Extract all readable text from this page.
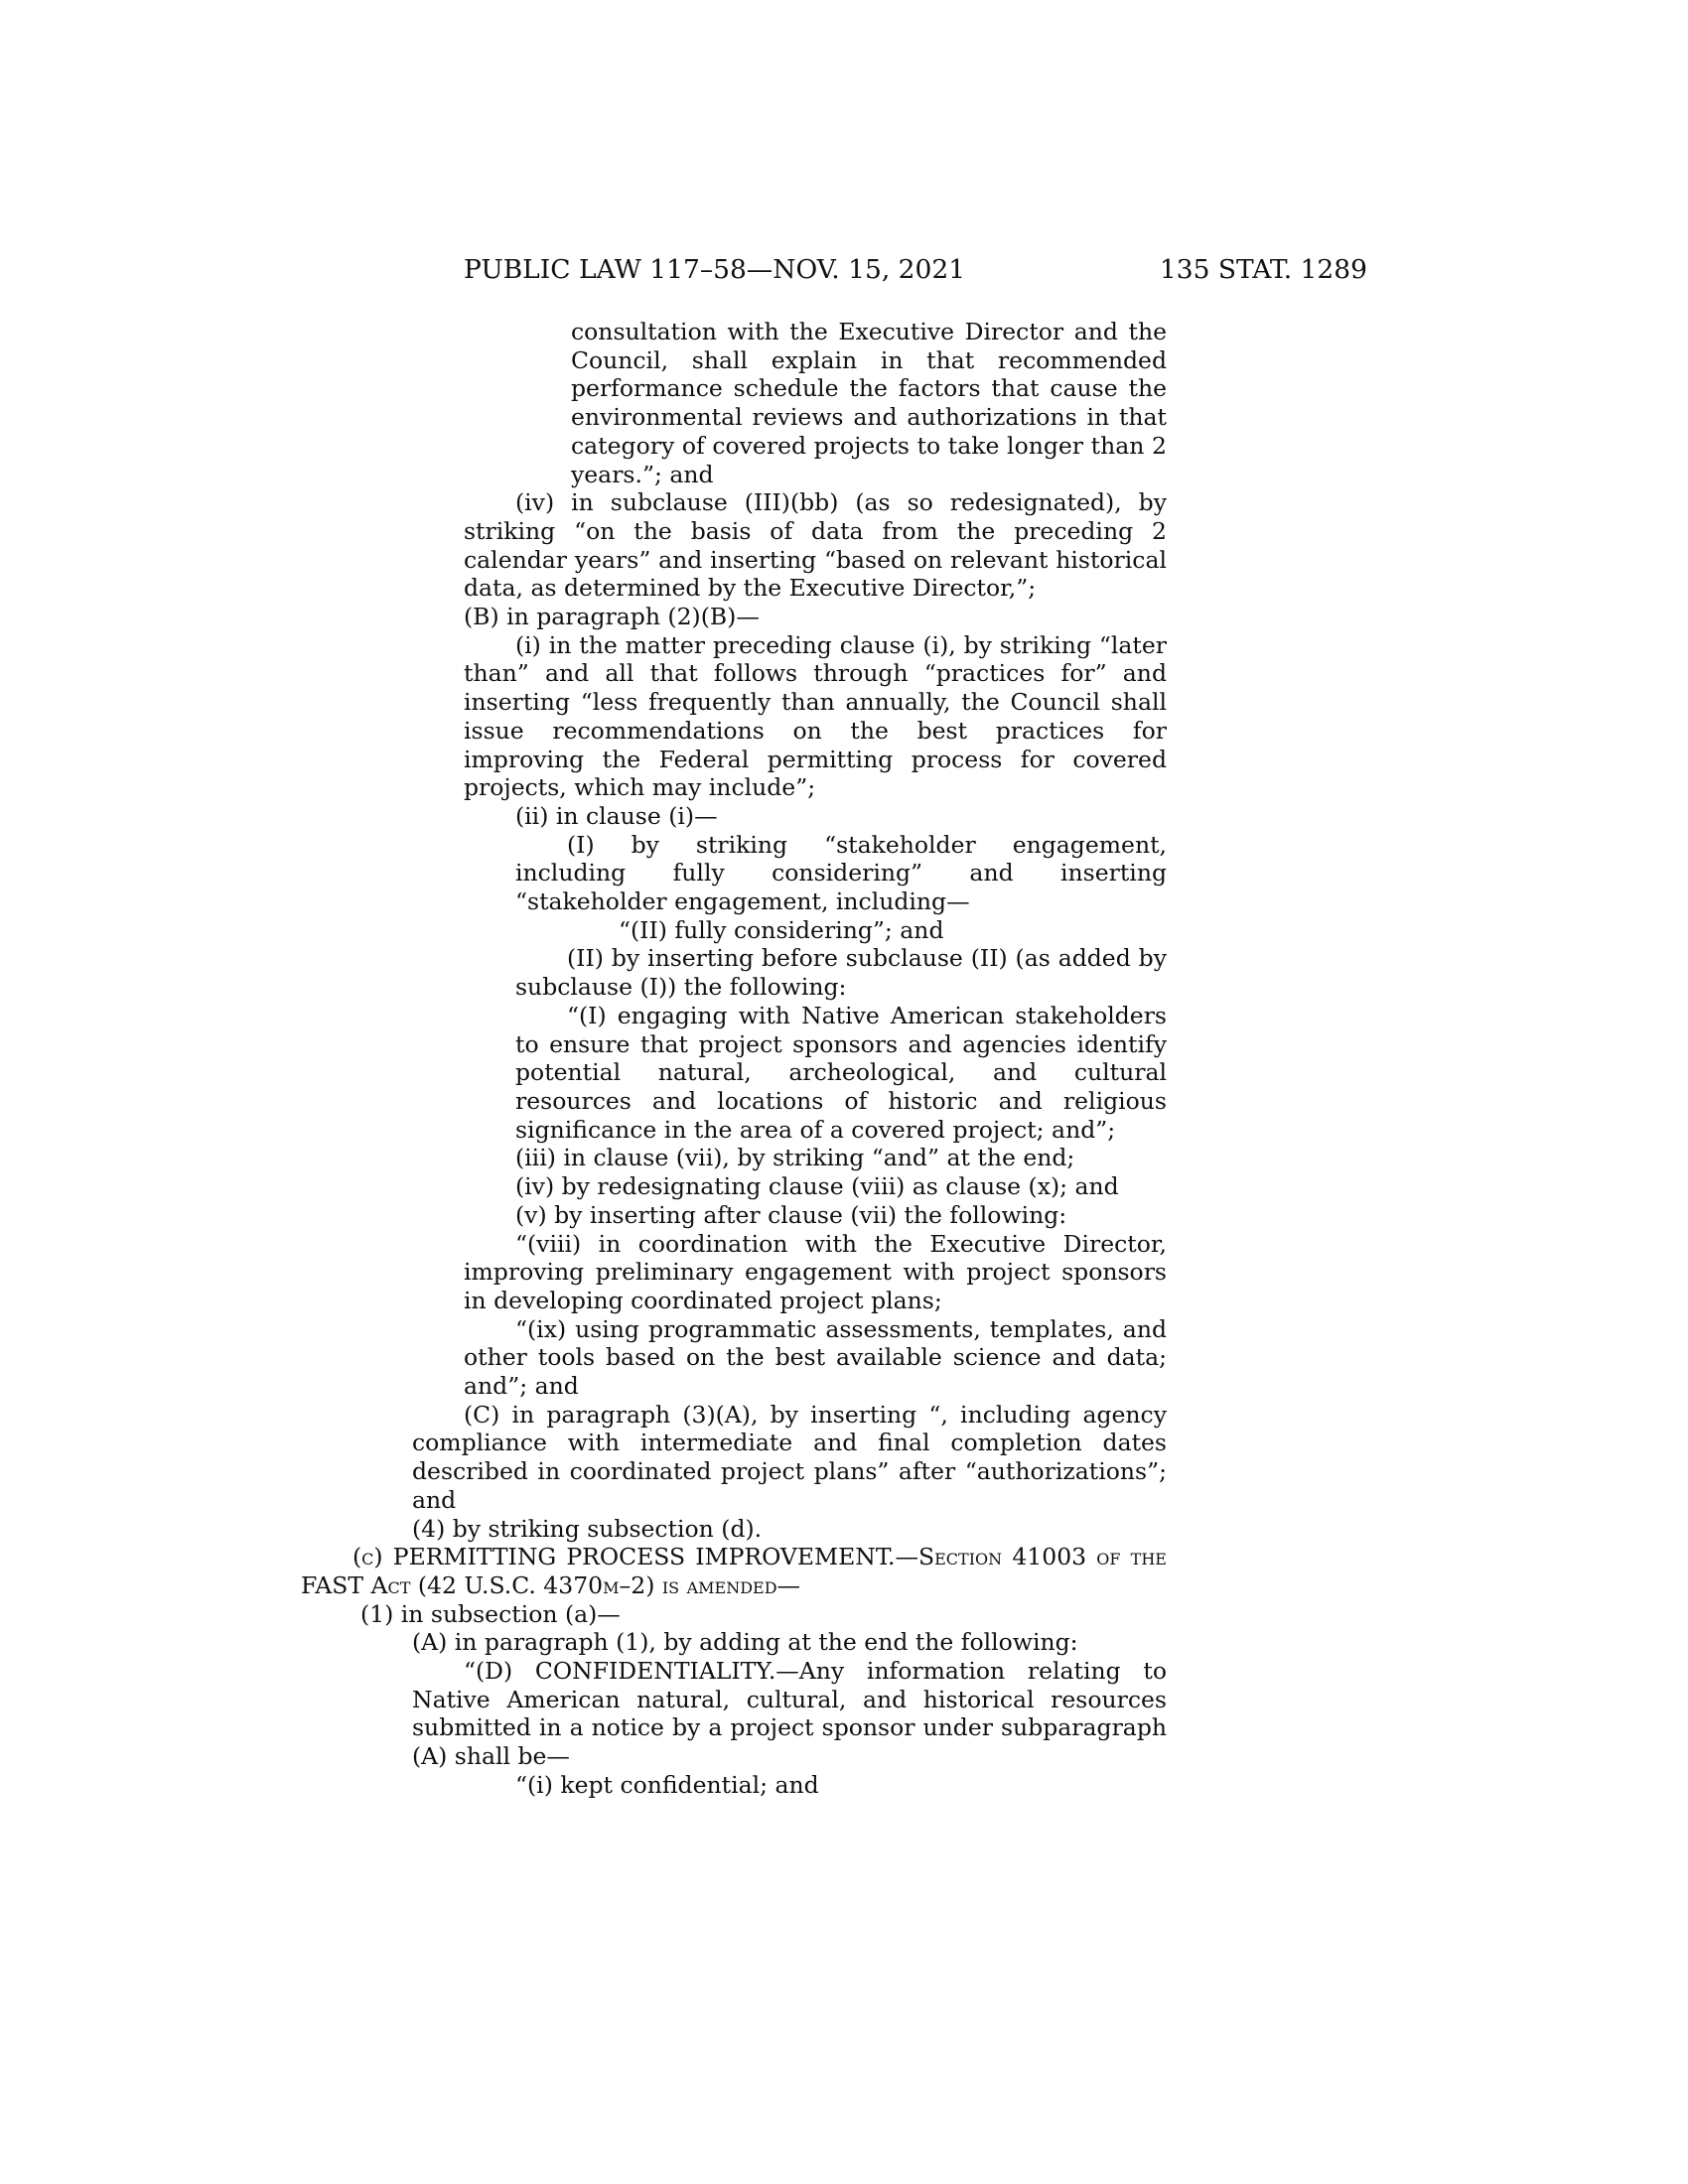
PUBLIC LAW 117–58—NOV. 15, 2021	135 STAT. 1289

consultation with the Executive Director and the Council, shall explain in that recommended performance schedule the factors that cause the environmental reviews and authorizations in that category of covered projects to take longer than 2 years.”; and

(iv) in subclause (III)(bb) (as so redesignated), by striking “on the basis of data from the preceding 2 calendar years” and inserting “based on relevant historical data, as determined by the Executive Director,”;

(B) in paragraph (2)(B)—

(i) in the matter preceding clause (i), by striking “later than” and all that follows through “practices for” and inserting “less frequently than annually, the Council shall issue recommendations on the best practices for improving the Federal permitting process for covered projects, which may include”;

(ii) in clause (i)—

(I) by striking “stakeholder engagement, including fully considering” and inserting “stakeholder engagement, including—

“(II) fully considering”; and

(II) by inserting before subclause (II) (as added by subclause (I)) the following:

“(I) engaging with Native American stakeholders to ensure that project sponsors and agencies identify potential natural, archeological, and cultural resources and locations of historic and religious significance in the area of a covered project; and”;

(iii) in clause (vii), by striking “and” at the end;

(iv) by redesignating clause (viii) as clause (x); and

(v) by inserting after clause (vii) the following:

“(viii) in coordination with the Executive Director, improving preliminary engagement with project sponsors in developing coordinated project plans;

“(ix) using programmatic assessments, templates, and other tools based on the best available science and data; and”; and

(C) in paragraph (3)(A), by inserting “, including agency compliance with intermediate and final completion dates described in coordinated project plans” after “authorizations”; and

(4) by striking subsection (d).

(c) PERMITTING PROCESS IMPROVEMENT.—Section 41003 of the FAST Act (42 U.S.C. 4370m–2) is amended—

(1) in subsection (a)—

(A) in paragraph (1), by adding at the end the following:

“(D) CONFIDENTIALITY.—Any information relating to Native American natural, cultural, and historical resources submitted in a notice by a project sponsor under subparagraph (A) shall be—

“(i) kept confidential; and
